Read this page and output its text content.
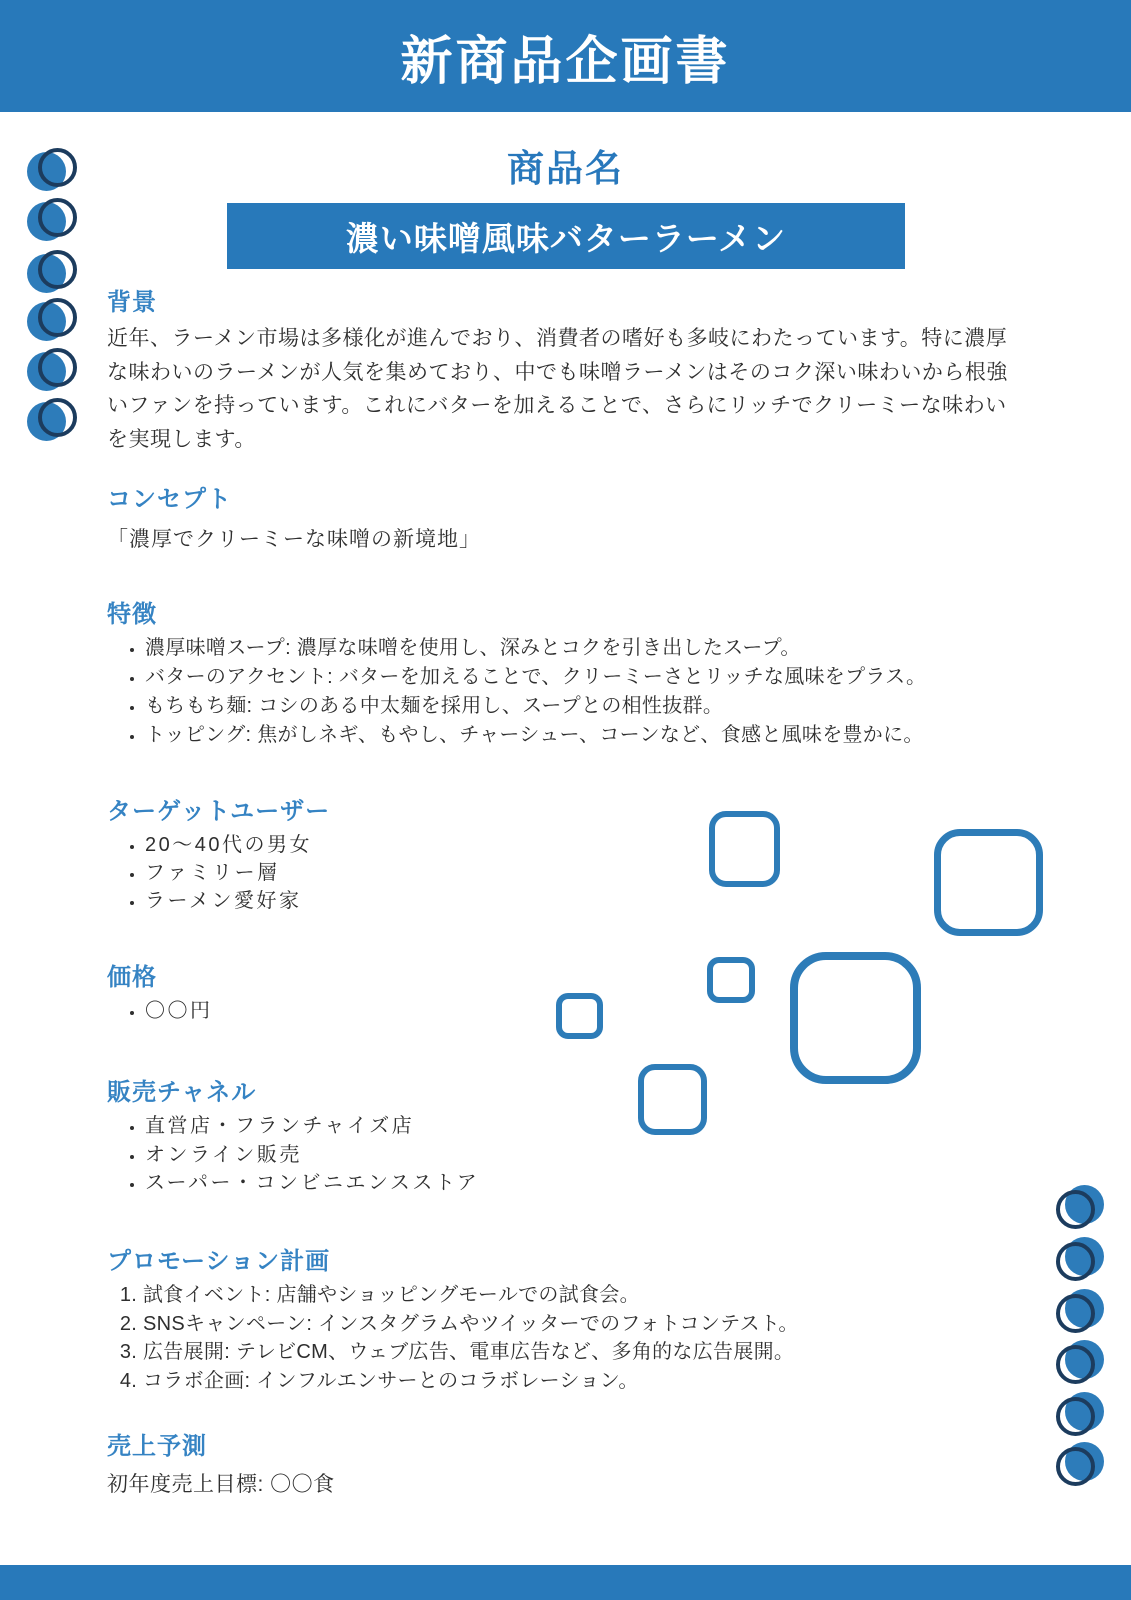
新商品企画書
商品名
濃い味噌風味バターラーメン
背景

近年、ラーメン市場は多様化が進んでおり、消費者の嗜好も多岐にわたっています。特に濃厚な味わいのラーメンが人気を集めており、中でも味噌ラーメンはそのコク深い味わいから根強いファンを持っています。これにバターを加えることで、さらにリッチでクリーミーな味わいを実現します。

コンセプト

「濃厚でクリーミーな味噌の新境地」

特徴
• 濃厚味噌スープ: 濃厚な味噌を使用し、深みとコクを引き出したスープ。
• バターのアクセント: バターを加えることで、クリーミーさとリッチな風味をプラス。
• もちもち麺: コシのある中太麺を採用し、スープとの相性抜群。
• トッピング: 焦がしネギ、もやし、チャーシュー、コーンなど、食感と風味を豊かに。
ターゲットユーザー
• 20〜40代の男女
• ファミリー層
• ラーメン愛好家
価格
• 〇〇円
販売チャネル
• 直営店・フランチャイズ店
• オンライン販売
• スーパー・コンビニエンスストア
プロモーション計画
1. 試食イベント: 店舗やショッピングモールでの試食会。
2. SNSキャンペーン: インスタグラムやツイッターでのフォトコンテスト。
3. 広告展開: テレビCM、ウェブ広告、電車広告など、多角的な広告展開。
4. コラボ企画: インフルエンサーとのコラボレーション。
売上予測

初年度売上目標: 〇〇食
